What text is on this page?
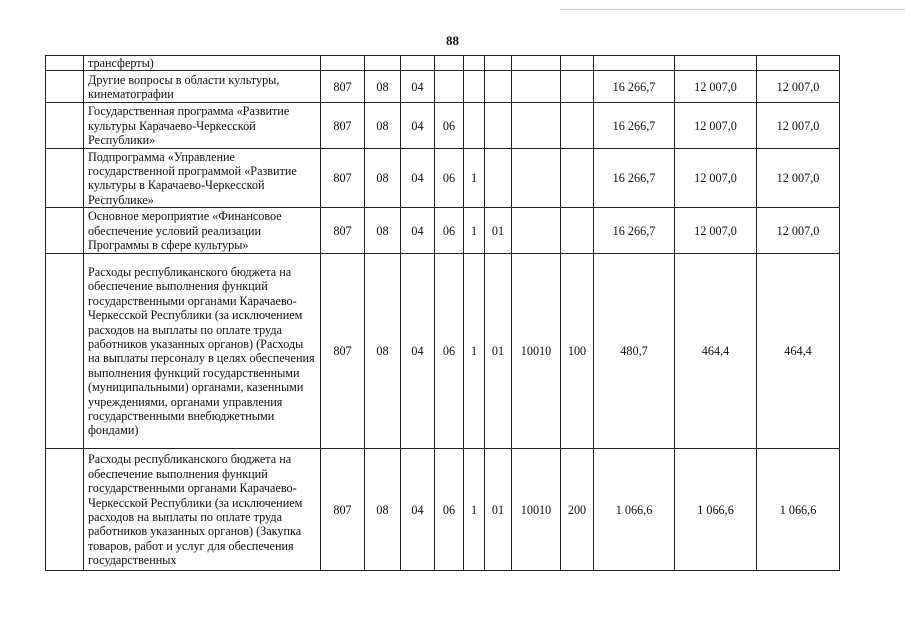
88
	трансферты)											
	Другие вопросы в области культуры, кинематографии	807	08	04						16 266,7	12 007,0	12 007,0
	Государственная программа «Развитие культуры Карачаево-Черкесской Республики»	807	08	04	06					16 266,7	12 007,0	12 007,0
	Подпрограмма «Управление государственной программой «Развитие культуры в Карачаево-Черкесской Республике»	807	08	04	06	1				16 266,7	12 007,0	12 007,0
	Основное мероприятие «Финансовое обеспечение условий реализации Программы в сфере культуры»	807	08	04	06	1	01			16 266,7	12 007,0	12 007,0
	Расходы республиканского бюджета на обеспечение выполнения функций государственными органами Карачаево-Черкесской Республики (за исключением расходов на выплаты по оплате труда работников указанных органов) (Расходы на выплаты персоналу в целях обеспечения выполнения функций государственными (муниципальными) органами, казенными учреждениями, органами управления государственными внебюджетными фондами)	807	08	04	06	1	01	10010	100	480,7	464,4	464,4
	Расходы республиканского бюджета на обеспечение выполнения функций государственными органами Карачаево-Черкесской Республики (за исключением расходов на выплаты по оплате труда работников указанных органов) (Закупка товаров, работ и услуг для обеспечения государственных	807	08	04	06	1	01	10010	200	1 066,6	1 066,6	1 066,6
